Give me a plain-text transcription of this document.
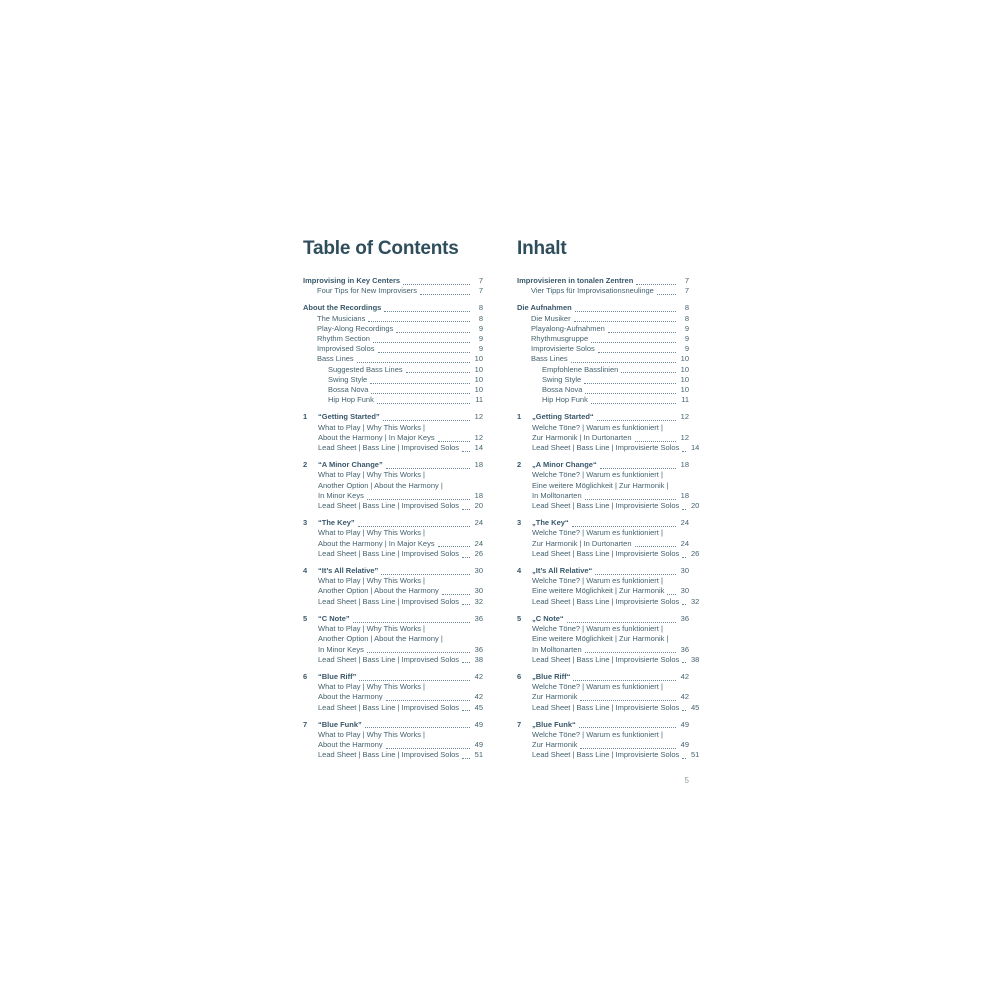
Table of Contents
Improvising in Key Centers	7
Four Tips for New Improvisers	7
About the Recordings	8
The Musicians	8
Play-Along Recordings	9
Rhythm Section	9
Improvised Solos	9
Bass Lines	10
Suggested Bass Lines	10
Swing Style	10
Bossa Nova	10
Hip Hop Funk	11
1	“Getting Started”	12
What to Play | Why This Works |
About the Harmony | In Major Keys	12
Lead Sheet | Bass Line | Improvised Solos 14
2	“A Minor Change”	18
What to Play | Why This Works |
Another Option | About the Harmony |
In Minor Keys	18
Lead Sheet | Bass Line | Improvised Solos 20
3	“The Key”	24
What to Play | Why This Works |
About the Harmony | In Major Keys	24
Lead Sheet | Bass Line | Improvised Solos 26
4	“It’s All Relative”	30
What to Play | Why This Works |
Another Option | About the Harmony	30
Lead Sheet | Bass Line | Improvised Solos 32
5	“C Note”	36
What to Play | Why This Works |
Another Option | About the Harmony |
In Minor Keys	36
Lead Sheet | Bass Line | Improvised Solos 38
6	“Blue Riff”	42
What to Play | Why This Works |
About the Harmony	42
Lead Sheet | Bass Line | Improvised Solos 45
7	“Blue Funk”	49
What to Play | Why This Works |
About the Harmony	49
Lead Sheet | Bass Line | Improvised Solos 51
Inhalt
Improvisieren in tonalen Zentren	7
Vier Tipps für Improvisationsneulinge	7
Die Aufnahmen	8
Die Musiker	8
Playalong-Aufnahmen	9
Rhythmusgruppe	9
Improvisierte Solos	9
Bass Lines	10
Empfohlene Basslinien	10
Swing Style	10
Bossa Nova	10
Hip Hop Funk	11
1	„Getting Started“	12
Welche Töne? | Warum es funktioniert |
Zur Harmonik | In Durtonarten	12
Lead Sheet | Bass Line | Improvisierte Solos 14
2	„A Minor Change“	18
Welche Töne? | Warum es funktioniert |
Eine weitere Möglichkeit | Zur Harmonik |
In Molltonarten	18
Lead Sheet | Bass Line | Improvisierte Solos 20
3	„The Key“	24
Welche Töne? | Warum es funktioniert |
Zur Harmonik | In Durtonarten	24
Lead Sheet | Bass Line | Improvisierte Solos 26
4	„It’s All Relative“	30
Welche Töne? | Warum es funktioniert |
Eine weitere Möglichkeit | Zur Harmonik 30
Lead Sheet | Bass Line | Improvisierte Solos 32
5	„C Note“	36
Welche Töne? | Warum es funktioniert |
Eine weitere Möglichkeit | Zur Harmonik |
In Molltonarten	36
Lead Sheet | Bass Line | Improvisierte Solos 38
6	„Blue Riff“	42
Welche Töne? | Warum es funktioniert |
Zur Harmonik	42
Lead Sheet | Bass Line | Improvisierte Solos 45
7	„Blue Funk“	49
Welche Töne? | Warum es funktioniert |
Zur Harmonik	49
Lead Sheet | Bass Line | Improvisierte Solos 51
5
